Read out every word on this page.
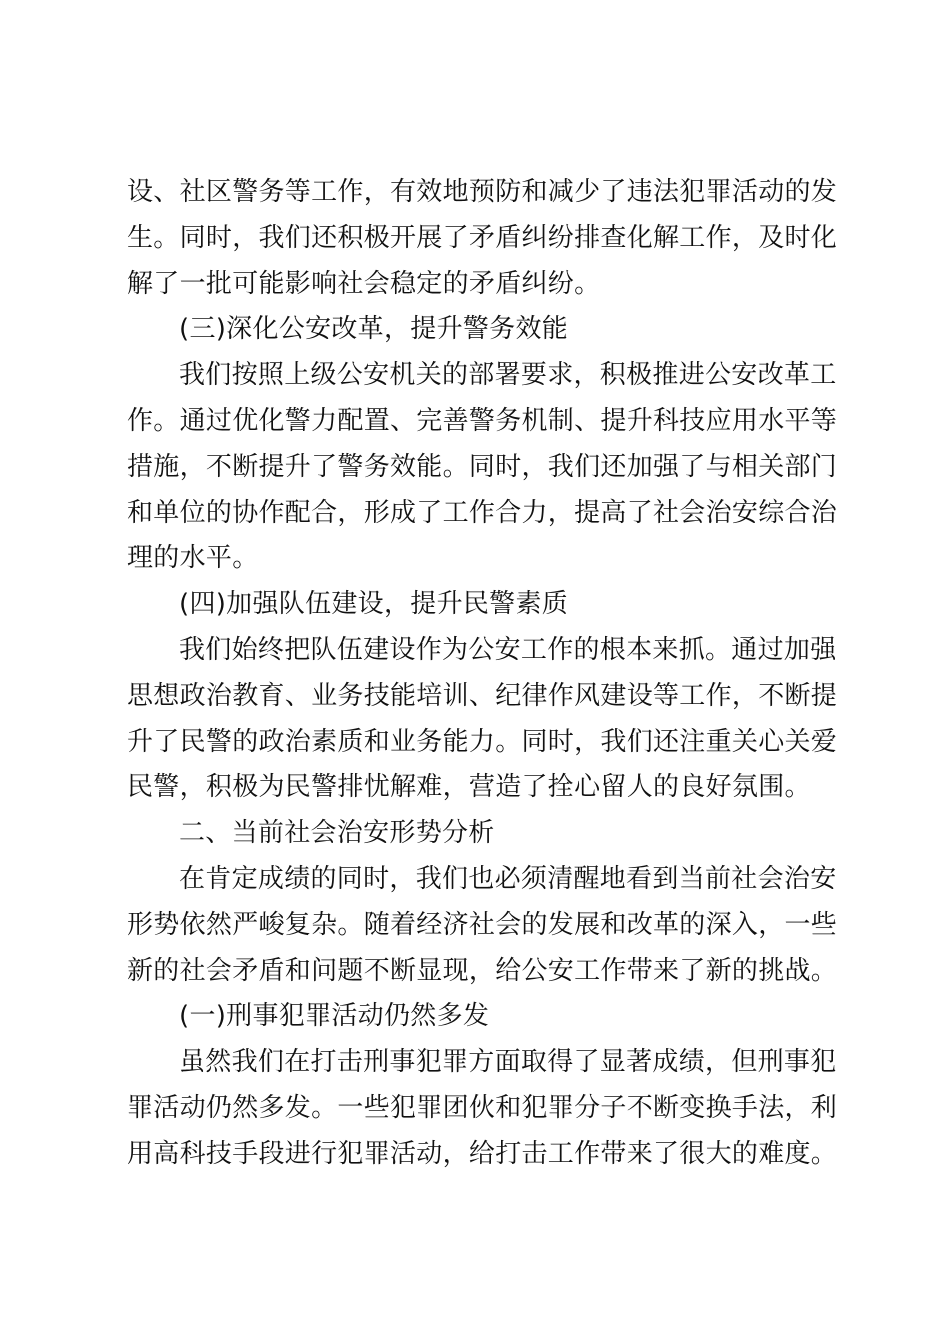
设、社区警务等工作，有效地预防和减少了违法犯罪活动的发
生。同时，我们还积极开展了矛盾纠纷排查化解工作，及时化
解了一批可能影响社会稳定的矛盾纠纷。
(三)深化公安改革，提升警务效能
我们按照上级公安机关的部署要求，积极推进公安改革工
作。通过优化警力配置、完善警务机制、提升科技应用水平等
措施，不断提升了警务效能。同时，我们还加强了与相关部门
和单位的协作配合，形成了工作合力，提高了社会治安综合治
理的水平。
(四)加强队伍建设，提升民警素质
我们始终把队伍建设作为公安工作的根本来抓。通过加强
思想政治教育、业务技能培训、纪律作风建设等工作，不断提
升了民警的政治素质和业务能力。同时，我们还注重关心关爱
民警，积极为民警排忧解难，营造了拴心留人的良好氛围。
二、当前社会治安形势分析
在肯定成绩的同时，我们也必须清醒地看到当前社会治安
形势依然严峻复杂。随着经济社会的发展和改革的深入，一些
新的社会矛盾和问题不断显现，给公安工作带来了新的挑战。
(一)刑事犯罪活动仍然多发
虽然我们在打击刑事犯罪方面取得了显著成绩，但刑事犯
罪活动仍然多发。一些犯罪团伙和犯罪分子不断变换手法，利
用高科技手段进行犯罪活动，给打击工作带来了很大的难度。
